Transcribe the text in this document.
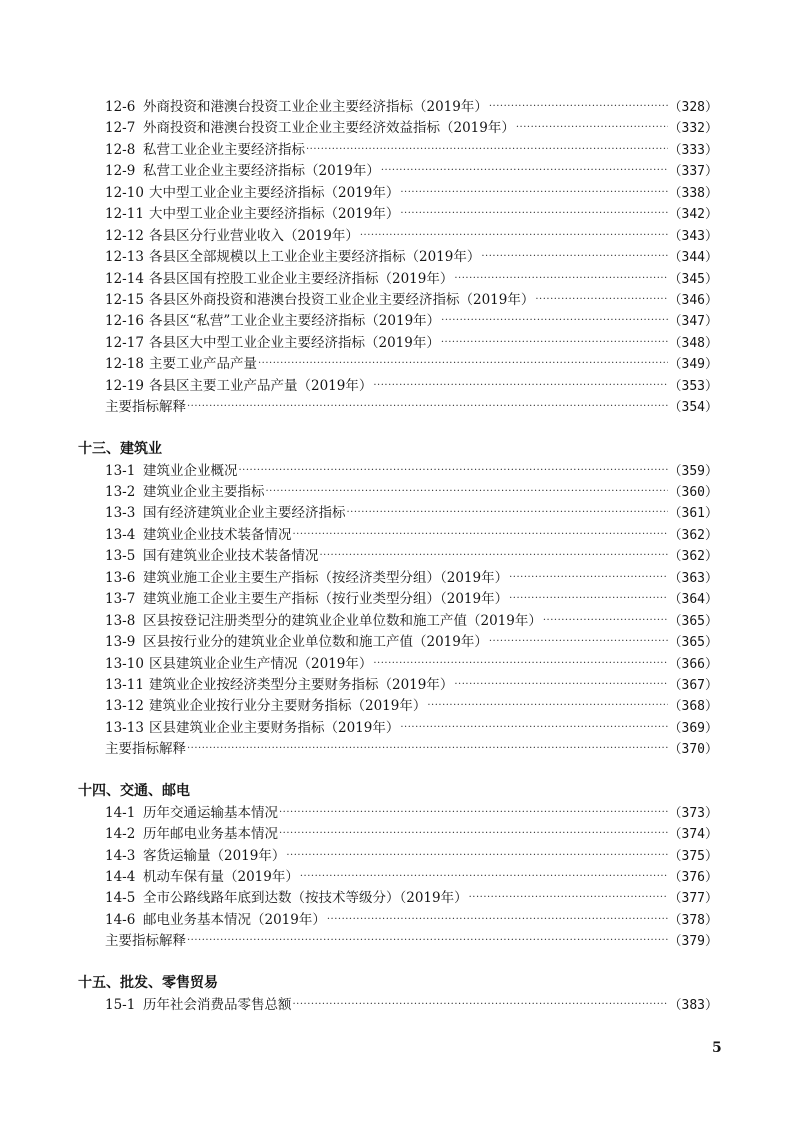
12-6 外商投资和港澳台投资工业企业主要经济指标（2019年） ·····	（328）
12-7 外商投资和港澳台投资工业企业主要经济效益指标（2019年） ·····	（332）
12-8 私营工业企业主要经济指标 ·····	（333）
12-9 私营工业企业主要经济指标（2019年） ·····	（337）
12-10 大中型工业企业主要经济指标（2019年） ·····	（338）
12-11 大中型工业企业主要经济指标（2019年） ·····	（342）
12-12 各县区分行业营业收入（2019年） ·····	（343）
12-13 各县区全部规模以上工业企业主要经济指标（2019年） ·····	（344）
12-14 各县区国有控股工业企业主要经济指标（2019年） ·····	（345）
12-15 各县区外商投资和港澳台投资工业企业主要经济指标（2019年） ·····	（346）
12-16 各县区“私营”工业企业主要经济指标（2019年） ·····	（347）
12-17 各县区大中型工业企业主要经济指标（2019年） ·····	（348）
12-18 主要工业产品产量 ·····	（349）
12-19 各县区主要工业产品产量（2019年） ·····	（353）
主要指标解释 ·····	（354）
十三、建筑业
13-1 建筑业企业概况 ·····	（359）
13-2 建筑业企业主要指标 ·····	（360）
13-3 国有经济建筑业企业主要经济指标 ·····	（361）
13-4 建筑业企业技术装备情况 ·····	（362）
13-5 国有建筑业企业技术装备情况 ·····	（362）
13-6 建筑业施工企业主要生产指标（按经济类型分组）（2019年） ·····	（363）
13-7 建筑业施工企业主要生产指标（按行业类型分组）（2019年） ·····	（364）
13-8 区县按登记注册类型分的建筑业企业单位数和施工产值（2019年） ·····	（365）
13-9 区县按行业分的建筑业企业单位数和施工产值（2019年） ·····	（365）
13-10 区县建筑业企业生产情况（2019年） ·····	（366）
13-11 建筑业企业按经济类型分主要财务指标（2019年） ·····	（367）
13-12 建筑业企业按行业分主要财务指标（2019年） ·····	（368）
13-13 区县建筑业企业主要财务指标（2019年） ·····	（369）
主要指标解释 ·····	（370）
十四、交通、邮电
14-1 历年交通运输基本情况 ·····	（373）
14-2 历年邮电业务基本情况 ·····	（374）
14-3 客货运输量（2019年） ·····	（375）
14-4 机动车保有量（2019年） ·····	（376）
14-5 全市公路线路年底到达数（按技术等级分）（2019年） ·····	（377）
14-6 邮电业务基本情况（2019年） ·····	（378）
主要指标解释 ·····	（379）
十五、批发、零售贸易
15-1 历年社会消费品零售总额 ·····	（383）
5
